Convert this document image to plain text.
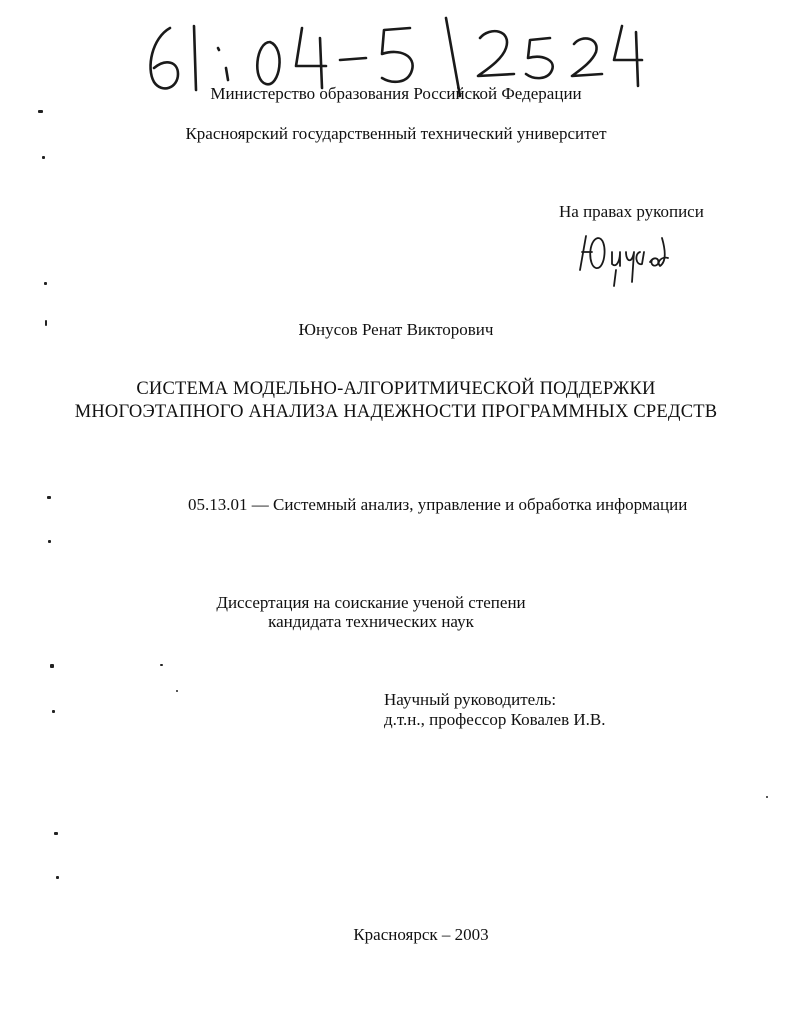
Министерство образования Российской Федерации
Красноярский государственный технический университет
На правах рукописи
Юнусов Ренат Викторович
СИСТЕМА МОДЕЛЬНО-АЛГОРИТМИЧЕСКОЙ ПОДДЕРЖКИ
МНОГОЭТАПНОГО АНАЛИЗА НАДЕЖНОСТИ ПРОГРАММНЫХ СРЕДСТВ
05.13.01 — Системный анализ, управление и обработка информации
Диссертация на соискание ученой степени
кандидата технических наук
Научный руководитель:
д.т.н., профессор Ковалев И.В.
Красноярск – 2003
